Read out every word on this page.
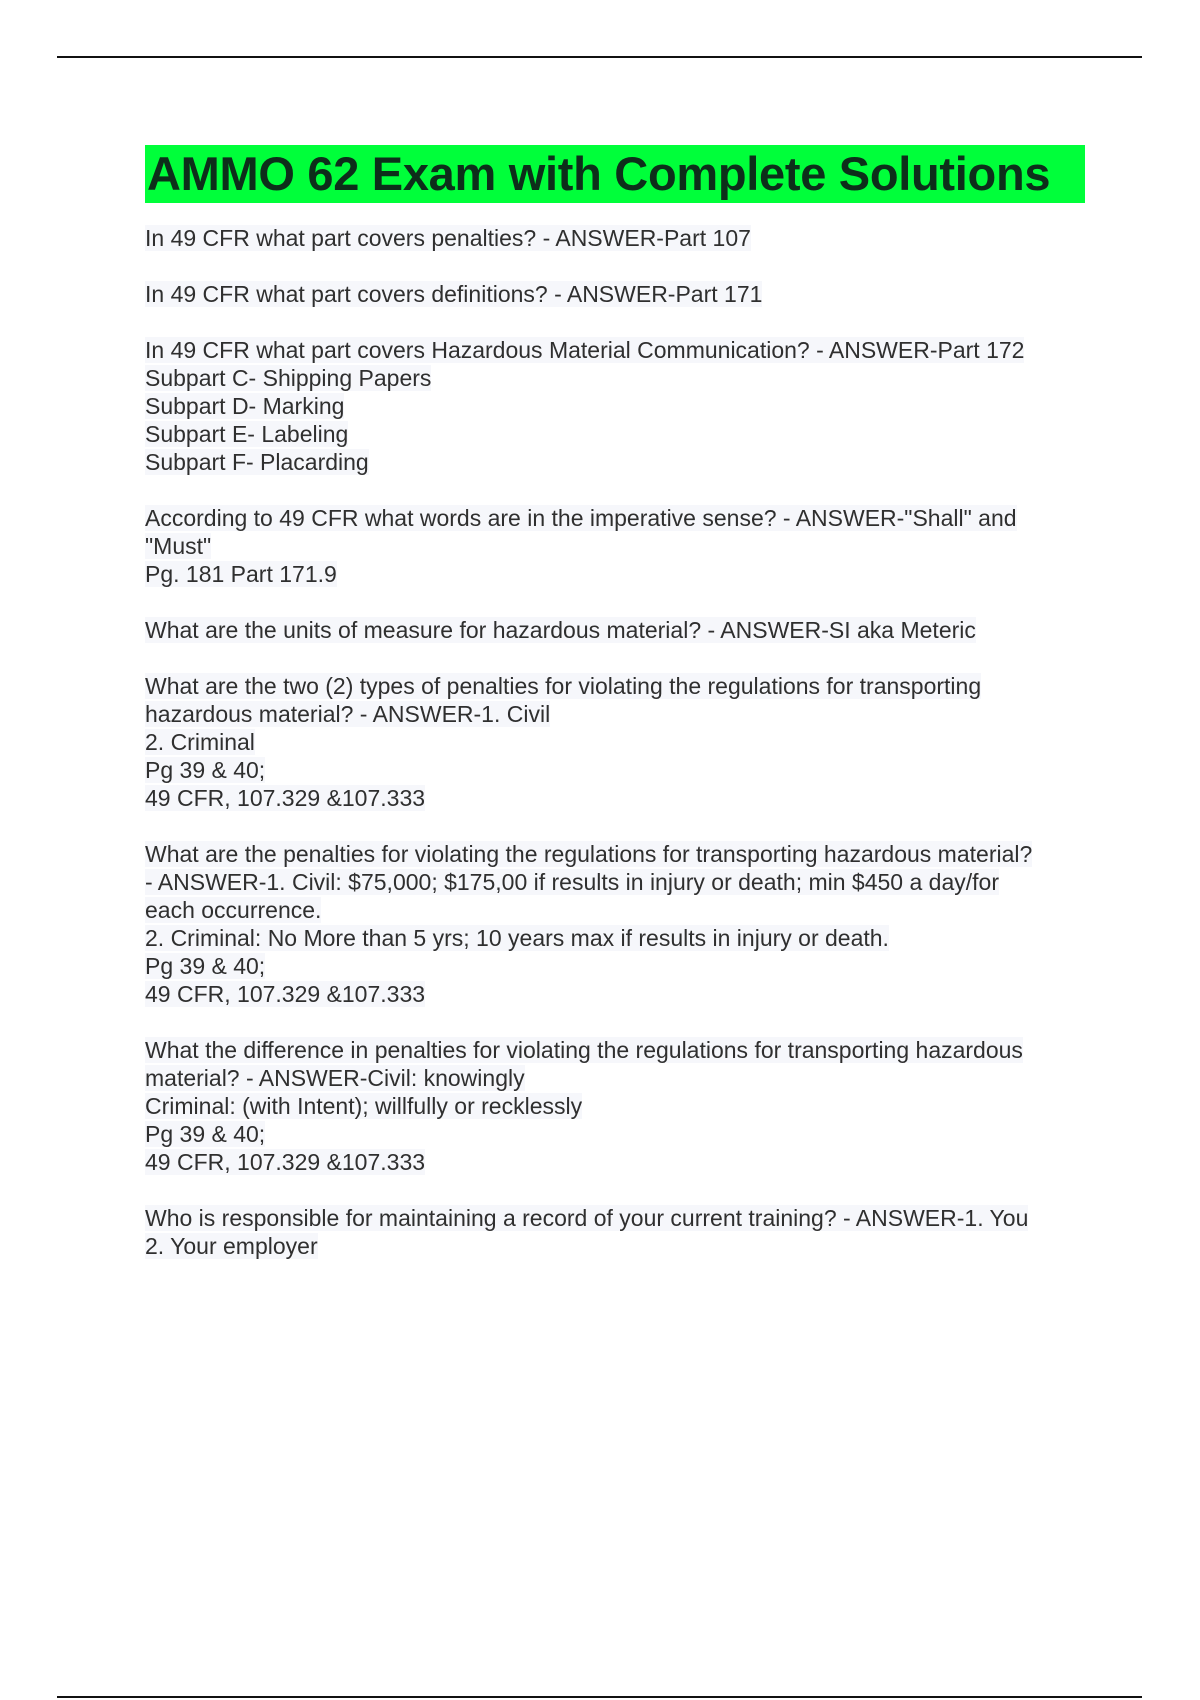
AMMO 62 Exam with Complete Solutions
In 49 CFR what part covers penalties? - ANSWER-Part 107
In 49 CFR what part covers definitions? - ANSWER-Part 171
In 49 CFR what part covers Hazardous Material Communication? - ANSWER-Part 172
Subpart C- Shipping Papers
Subpart D- Marking
Subpart E- Labeling
Subpart F- Placarding
According to 49 CFR what words are in the imperative sense? - ANSWER-"Shall" and
"Must"
Pg. 181 Part 171.9
What are the units of measure for hazardous material? - ANSWER-SI aka Meteric
What are the two (2) types of penalties for violating the regulations for transporting
hazardous material? - ANSWER-1. Civil
2. Criminal
Pg 39 & 40;
49 CFR, 107.329 &107.333
What are the penalties for violating the regulations for transporting hazardous material?
- ANSWER-1. Civil: $75,000; $175,00 if results in injury or death; min $450 a day/for
each occurrence.
2. Criminal: No More than 5 yrs; 10 years max if results in injury or death.
Pg 39 & 40;
49 CFR, 107.329 &107.333
What the difference in penalties for violating the regulations for transporting hazardous
material? - ANSWER-Civil: knowingly
Criminal: (with Intent); willfully or recklessly
Pg 39 & 40;
49 CFR, 107.329 &107.333
Who is responsible for maintaining a record of your current training? - ANSWER-1. You
2. Your employer
